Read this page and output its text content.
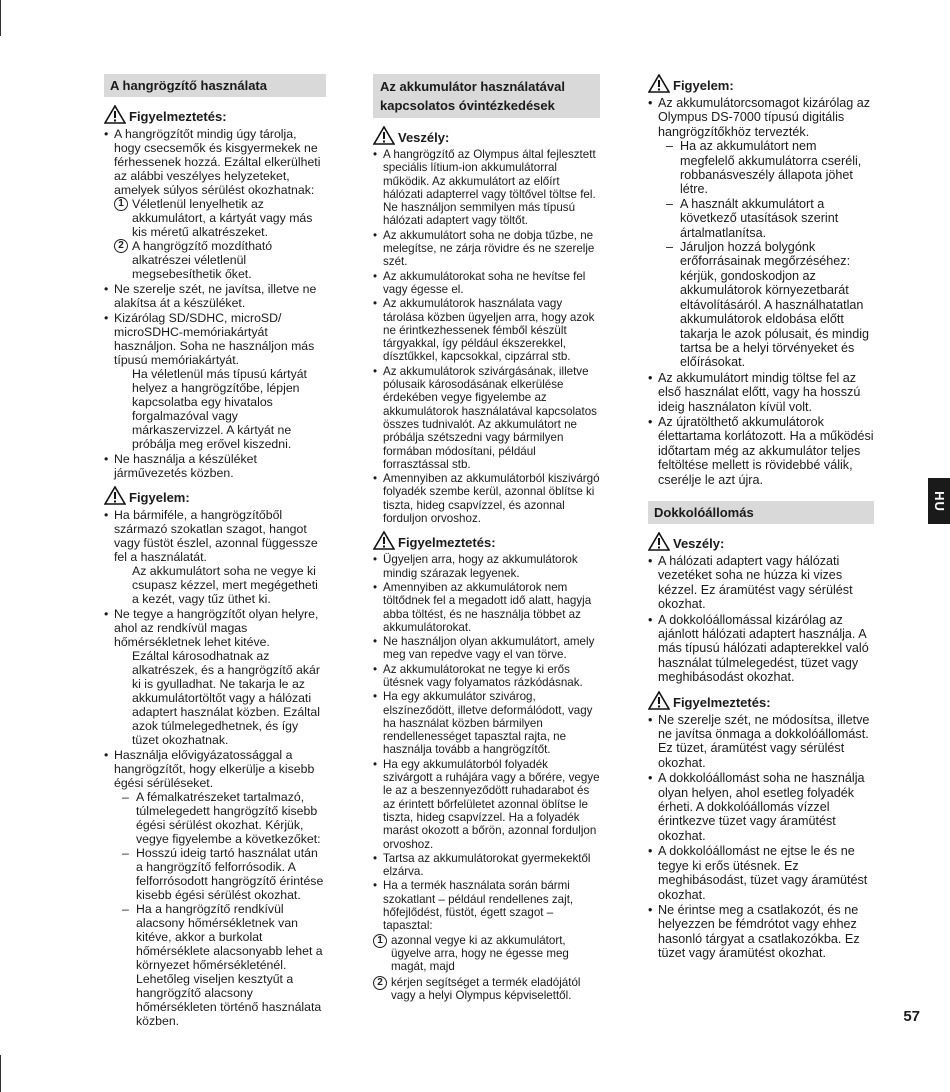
A hangrögzítő használata
Figyelmeztetés:
• A hangrögzítőt mindig úgy tárolja, hogy csecsemők és kisgyermekek ne férhessenek hozzá. Ezáltal elkerülheti az alábbi veszélyes helyzeteket, amelyek súlyos sérülést okozhatnak:
1 Véletlenül lenyelhetik az akkumulátort, a kártyát vagy más kis méretű alkatrészeket.
2 A hangrögzítő mozdítható alkatrészei véletlenül megsebesíthetik őket.
• Ne szerelje szét, ne javítsa, illetve ne alakítsa át a készüléket.
• Kizárólag SD/SDHC, microSD/ microSDHC-memóriakártyát használjon. Soha ne használjon más típusú memóriakártyát.
Ha véletlenül más típusú kártyát helyez a hangrögzítőbe, lépjen kapcsolatba egy hivatalos forgalmazóval vagy márkaszervizzel. A kártyát ne próbálja meg erővel kiszedni.
• Ne használja a készüléket járművezetés közben.
Figyelem:
• Ha bármiféle, a hangrögzítőből származó szokatlan szagot, hangot vagy füstöt észlel, azonnal függessze fel a használatát.
Az akkumulátort soha ne vegye ki csupasz kézzel, mert megégetheti a kezét, vagy tűz üthet ki.
• Ne tegye a hangrögzítőt olyan helyre, ahol az rendkívül magas hőmérsékletnek lehet kitéve.
Ezáltal károsodhatnak az alkatrészek, és a hangrögzítő akár ki is gyulladhat. Ne takarja le az akkumulátortöltőt vagy a hálózati adaptert használat közben. Ezáltal azok túlmelegedhetnek, és így tüzet okozhatnak.
• Használja elővigyázatossággal a hangrögzítőt, hogy elkerülje a kisebb égési sérüléseket.
– A fémalkatrészeket tartalmazó, túlmelegedett hangrögzítő kisebb égési sérülést okozhat. Kérjük, vegye figyelembe a következőket:
– Hosszú ideig tartó használat után a hangrögzítő felforrósodik. A felforrósodott hangrögzítő érintése kisebb égési sérülést okozhat.
– Ha a hangrögzítő rendkívül alacsony hőmérsékletnek van kitéve, akkor a burkolat hőmérséklete alacsonyabb lehet a környezet hőmérsékleténél. Lehetőleg viseljen kesztyűt a hangrögzítő alacsony hőmérsékleten történő használata közben.
Az akkumulátor használatával kapcsolatos óvintézkedések
Veszély:
• A hangrögzítő az Olympus által fejlesztett speciális lítium-ion akkumulátorral működik. Az akkumulátort az előírt hálózati adapterrel vagy töltővel töltse fel. Ne használjon semmilyen más típusú hálózati adaptert vagy töltőt.
• Az akkumulátort soha ne dobja tűzbe, ne melegítse, ne zárja rövidre és ne szerelje szét.
• Az akkumulátorokat soha ne hevítse fel vagy égesse el.
• Az akkumulátorok használata vagy tárolása közben ügyeljen arra, hogy azok ne érintkezhessenek fémből készült tárgyakkal, így például ékszerekkel, dísztűkkel, kapcsokkal, cipzárral stb.
• Az akkumulátorok szivárgásának, illetve pólusaik károsodásának elkerülése érdekében vegye figyelembe az akkumulátorok használatával kapcsolatos összes tudnivalót. Az akkumulátort ne próbálja szétszedni vagy bármilyen formában módosítani, például forrasztással stb.
• Amennyiben az akkumulátorból kiszivárgó folyadék szembe kerül, azonnal öblítse ki tiszta, hideg csapvízzel, és azonnal forduljon orvoshoz.
Figyelmeztetés:
• Ügyeljen arra, hogy az akkumulátorok mindig szárazak legyenek.
• Amennyiben az akkumulátorok nem töltődnek fel a megadott idő alatt, hagyja abba töltést, és ne használja többet az akkumulátorokat.
• Ne használjon olyan akkumulátort, amely meg van repedve vagy el van törve.
• Az akkumulátorokat ne tegye ki erős ütésnek vagy folyamatos rázkódásnak.
• Ha egy akkumulátor szivárog, elszíneződött, illetve deformálódott, vagy ha használat közben bármilyen rendellenességet tapasztal rajta, ne használja tovább a hangrögzítőt.
• Ha egy akkumulátorból folyadék szivárgott a ruhájára vagy a bőrére, vegye le az a beszennyeződött ruhadarabot és az érintett bőrfelületet azonnal öblítse le tiszta, hideg csapvízzel. Ha a folyadék marást okozott a bőrön, azonnal forduljon orvoshoz.
• Tartsa az akkumulátorokat gyermekektől elzárva.
• Ha a termék használata során bármi szokatlant – például rendellenes zajt, hőfejlődést, füstöt, égett szagot – tapasztal:
1 azonnal vegye ki az akkumulátort, ügyelve arra, hogy ne égesse meg magát, majd
2 kérjen segítséget a termék eladójától vagy a helyi Olympus képviselettől.
Figyelem:
• Az akkumulátorcsomagot kizárólag az Olympus DS-7000 típusú digitális hangrögzítőkhöz tervezték.
– Ha az akkumulátort nem megfelelő akkumulátorra cseréli, robbanásveszély állapota jöhet létre.
– A használt akkumulátort a következő utasítások szerint ártalmatlanítsa.
– Járuljon hozzá bolygónk erőforrásainak megőrzéséhez: kérjük, gondoskodjon az akkumulátorok környezetbarát eltávolításáról. A használhatatlan akkumulátorok eldobása előtt takarja le azok pólusait, és mindig tartsa be a helyi törvényeket és előírásokat.
• Az akkumulátort mindig töltse fel az első használat előtt, vagy ha hosszú ideig használaton kívül volt.
• Az újratölthető akkumulátorok élettartama korlátozott. Ha a működési időtartam még az akkumulátor teljes feltöltése mellett is rövidebbé válik, cserélje le azt újra.
Dokkolóállomás
Veszély:
• A hálózati adaptert vagy hálózati vezetéket soha ne húzza ki vizes kézzel. Ez áramütést vagy sérülést okozhat.
• A dokkolóállomással kizárólag az ajánlott hálózati adaptert használja. A más típusú hálózati adapterekkel való használat túlmelegedést, tüzet vagy meghibásodást okozhat.
Figyelmeztetés:
• Ne szerelje szét, ne módosítsa, illetve ne javítsa önmaga a dokkolóállomást. Ez tüzet, áramütést vagy sérülést okozhat.
• A dokkolóállomást soha ne használja olyan helyen, ahol esetleg folyadék érheti. A dokkolóállomás vízzel érintkezve tüzet vagy áramütést okozhat.
• A dokkolóállomást ne ejtse le és ne tegye ki erős ütésnek. Ez meghibásodást, tüzet vagy áramütést okozhat.
• Ne érintse meg a csatlakozót, és ne helyezzen be fémdrótot vagy ehhez hasonló tárgyat a csatlakozókba. Ez tüzet vagy áramütést okozhat.
HU
57
